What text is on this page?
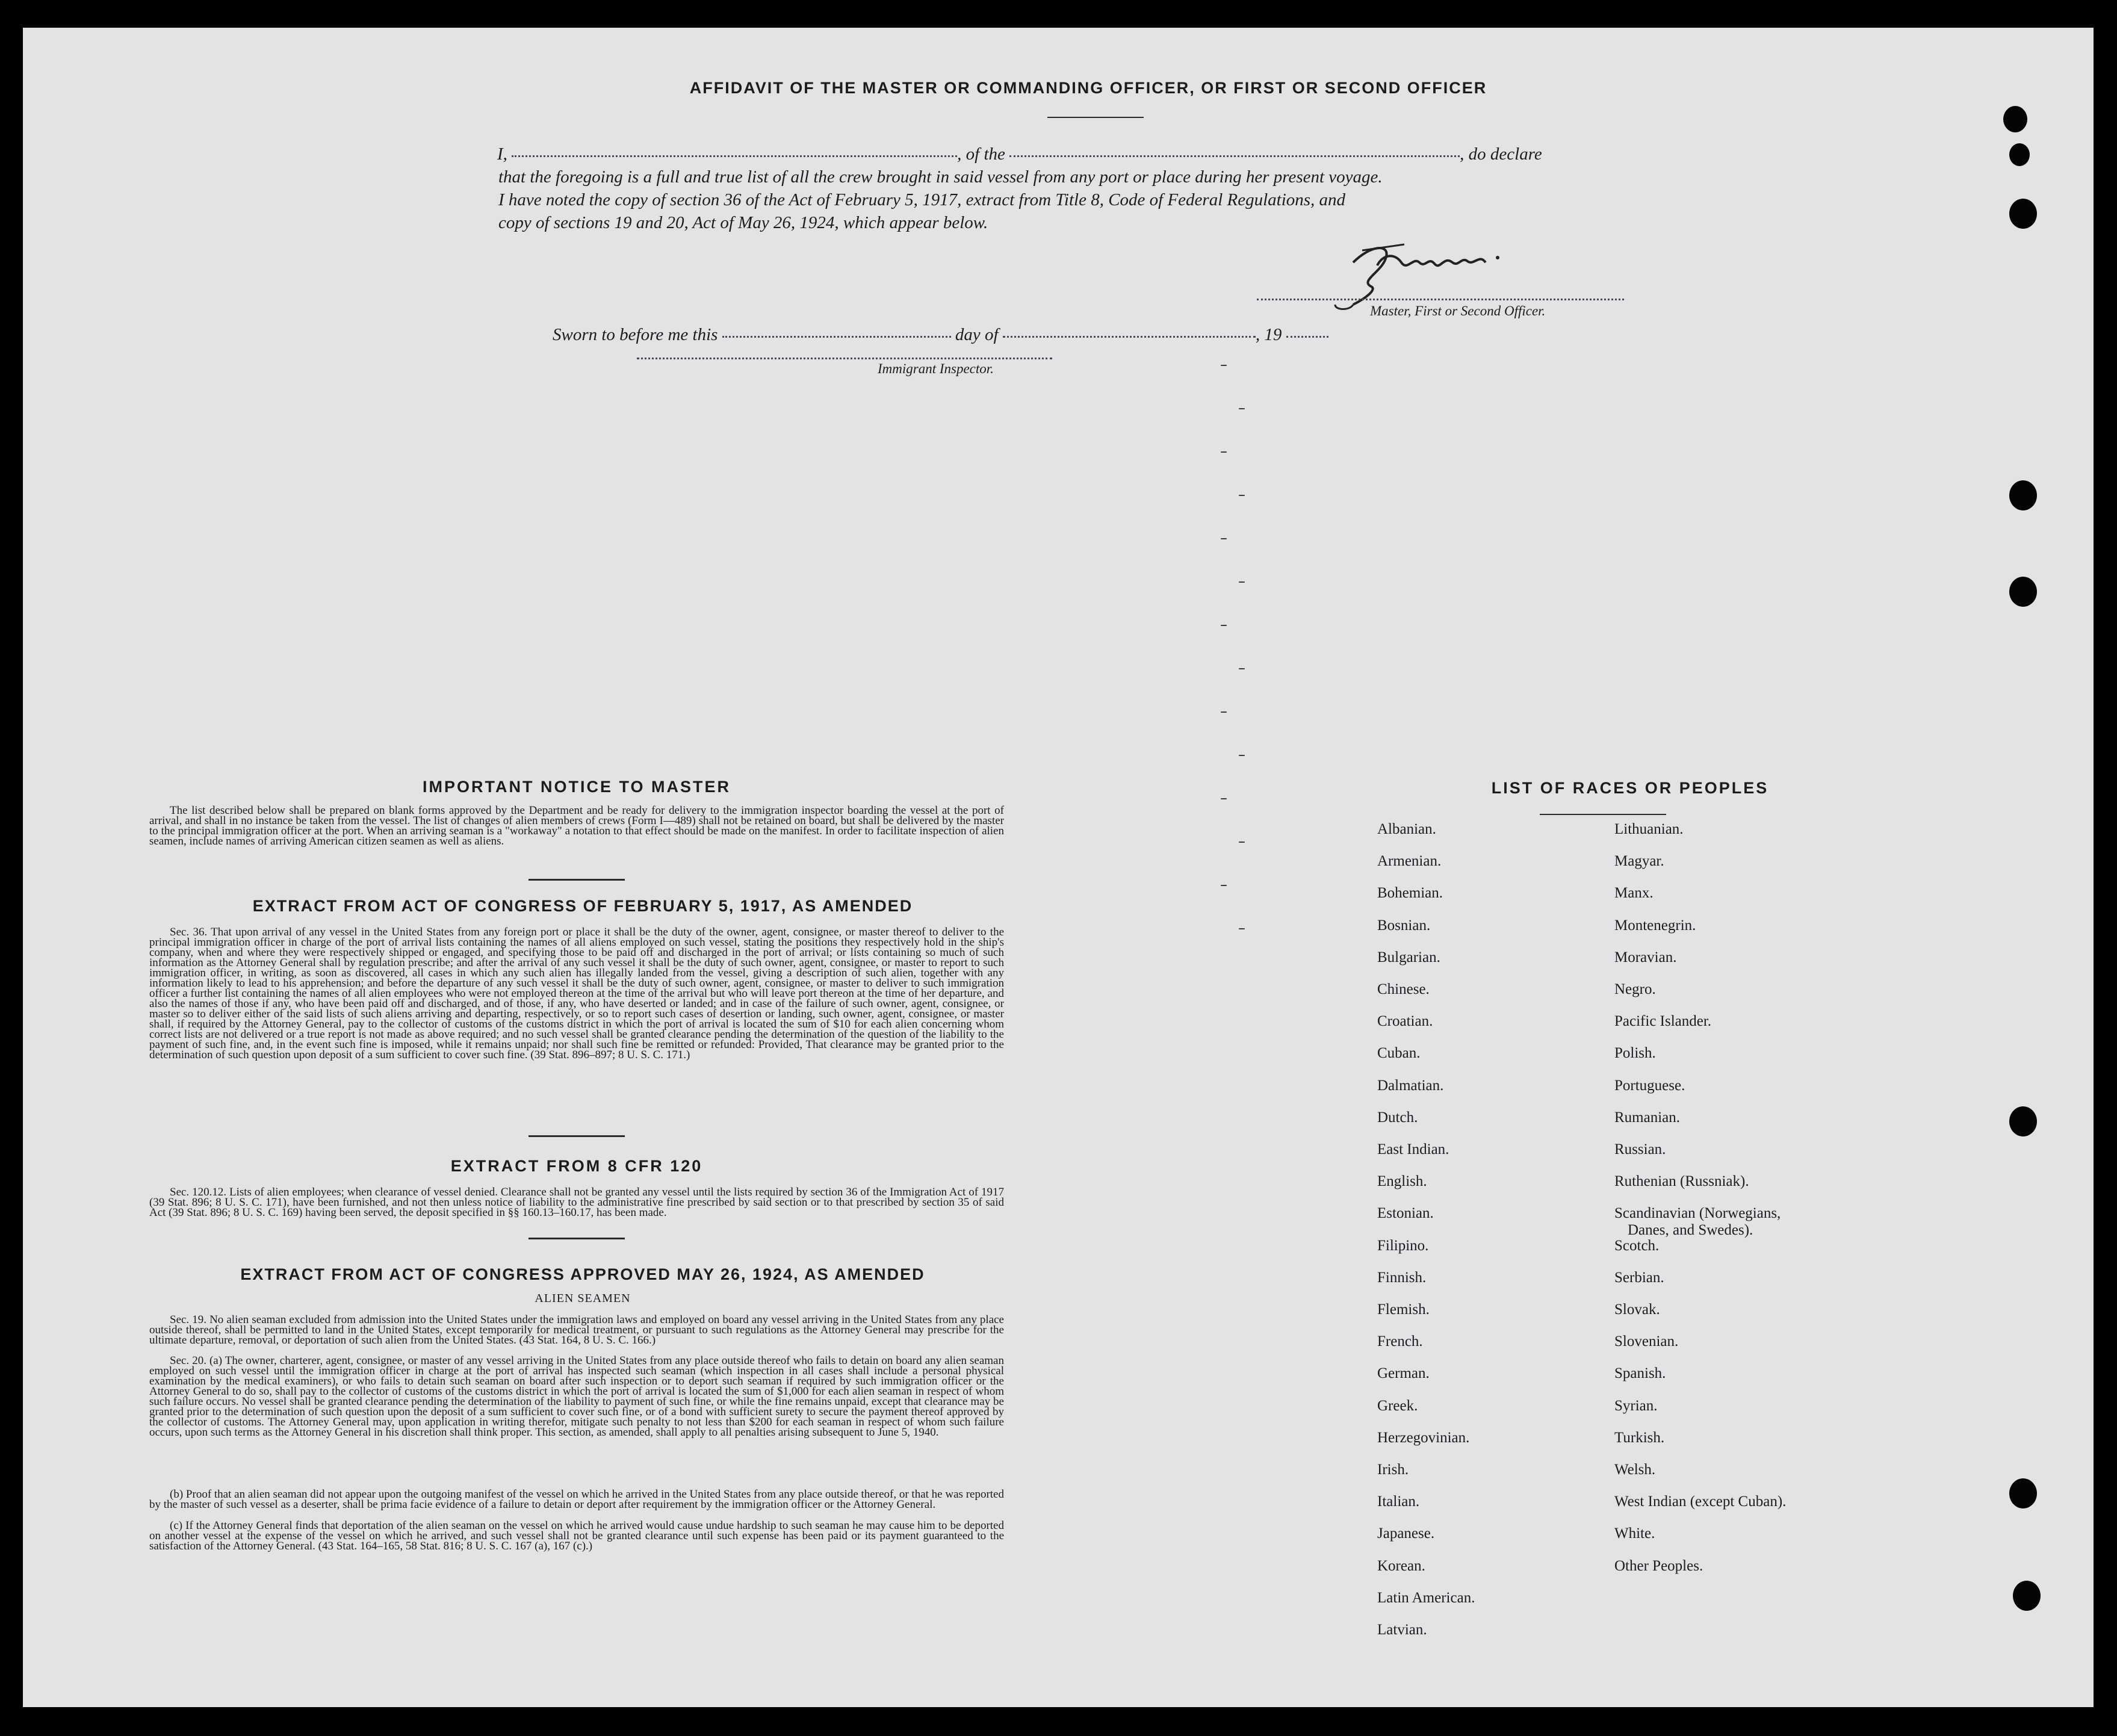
AFFIDAVIT OF THE MASTER OR COMMANDING OFFICER, OR FIRST OR SECOND OFFICER
I,	, of the	, do declare
that the foregoing is a full and true list of all the crew brought in said vessel from any port or place during her present voyage.
I have noted the copy of section 36 of the Act of February 5, 1917, extract from Title 8, Code of Federal Regulations, and
copy of sections 19 and 20, Act of May 26, 1924, which appear below.
Master, First or Second Officer.
Sworn to before me this	day of	, 19
Immigrant Inspector.
IMPORTANT NOTICE TO MASTER

The list described below shall be prepared on blank forms approved by the Department and be ready for delivery to the immigration inspector boarding the vessel at the port of arrival, and shall in no instance be taken from the vessel. The list of changes of alien members of crews (Form I—489) shall not be retained on board, but shall be delivered by the master to the principal immigration officer at the port. When an arriving seaman is a "workaway" a notation to that effect should be made on the manifest. In order to facilitate inspection of alien seamen, include names of arriving American citizen seamen as well as aliens.

EXTRACT FROM ACT OF CONGRESS OF FEBRUARY 5, 1917, AS AMENDED

Sec. 36. That upon arrival of any vessel in the United States from any foreign port or place it shall be the duty of the owner, agent, consignee, or master thereof to deliver to the principal immigration officer in charge of the port of arrival lists containing the names of all aliens employed on such vessel, stating the positions they respectively hold in the ship's company, when and where they were respectively shipped or engaged, and specifying those to be paid off and discharged in the port of arrival; or lists containing so much of such information as the Attorney General shall by regulation prescribe; and after the arrival of any such vessel it shall be the duty of such owner, agent, consignee, or master to report to such immigration officer, in writing, as soon as discovered, all cases in which any such alien has illegally landed from the vessel, giving a description of such alien, together with any information likely to lead to his apprehension; and before the departure of any such vessel it shall be the duty of such owner, agent, consignee, or master to deliver to such immigration officer a further list containing the names of all alien employees who were not employed thereon at the time of the arrival but who will leave port thereon at the time of her departure, and also the names of those if any, who have been paid off and discharged, and of those, if any, who have deserted or landed; and in case of the failure of such owner, agent, consignee, or master so to deliver either of the said lists of such aliens arriving and departing, respectively, or so to report such cases of desertion or landing, such owner, agent, consignee, or master shall, if required by the Attorney General, pay to the collector of customs of the customs district in which the port of arrival is located the sum of $10 for each alien concerning whom correct lists are not delivered or a true report is not made as above required; and no such vessel shall be granted clearance pending the determination of the question of the liability to the payment of such fine, and, in the event such fine is imposed, while it remains unpaid; nor shall such fine be remitted or refunded: Provided, That clearance may be granted prior to the determination of such question upon deposit of a sum sufficient to cover such fine. (39 Stat. 896–897; 8 U. S. C. 171.)

EXTRACT FROM 8 CFR 120

Sec. 120.12. Lists of alien employees; when clearance of vessel denied. Clearance shall not be granted any vessel until the lists required by section 36 of the Immigration Act of 1917 (39 Stat. 896; 8 U. S. C. 171), have been furnished, and not then unless notice of liability to the administrative fine prescribed by said section or to that prescribed by section 35 of said Act (39 Stat. 896; 8 U. S. C. 169) having been served, the deposit specified in §§ 160.13–160.17, has been made.

EXTRACT FROM ACT OF CONGRESS APPROVED MAY 26, 1924, AS AMENDED
ALIEN SEAMEN

Sec. 19. No alien seaman excluded from admission into the United States under the immigration laws and employed on board any vessel arriving in the United States from any place outside thereof, shall be permitted to land in the United States, except temporarily for medical treatment, or pursuant to such regulations as the Attorney General may prescribe for the ultimate departure, removal, or deportation of such alien from the United States. (43 Stat. 164, 8 U. S. C. 166.)

Sec. 20. (a) The owner, charterer, agent, consignee, or master of any vessel arriving in the United States from any place outside thereof who fails to detain on board any alien seaman employed on such vessel until the immigration officer in charge at the port of arrival has inspected such seaman (which inspection in all cases shall include a personal physical examination by the medical examiners), or who fails to detain such seaman on board after such inspection or to deport such seaman if required by such immigration officer or the Attorney General to do so, shall pay to the collector of customs of the customs district in which the port of arrival is located the sum of $1,000 for each alien seaman in respect of whom such failure occurs. No vessel shall be granted clearance pending the determination of the liability to payment of such fine, or while the fine remains unpaid, except that clearance may be granted prior to the determination of such question upon the deposit of a sum sufficient to cover such fine, or of a bond with sufficient surety to secure the payment thereof approved by the collector of customs. The Attorney General may, upon application in writing therefor, mitigate such penalty to not less than $200 for each seaman in respect of whom such failure occurs, upon such terms as the Attorney General in his discretion shall think proper. This section, as amended, shall apply to all penalties arising subsequent to June 5, 1940.

(b) Proof that an alien seaman did not appear upon the outgoing manifest of the vessel on which he arrived in the United States from any place outside thereof, or that he was reported by the master of such vessel as a deserter, shall be prima facie evidence of a failure to detain or deport after requirement by the immigration officer or the Attorney General.

(c) If the Attorney General finds that deportation of the alien seaman on the vessel on which he arrived would cause undue hardship to such seaman he may cause him to be deported on another vessel at the expense of the vessel on which he arrived, and such vessel shall not be granted clearance until such expense has been paid or its payment guaranteed to the satisfaction of the Attorney General. (43 Stat. 164–165, 58 Stat. 816; 8 U. S. C. 167 (a), 167 (c).)

LIST OF RACES OR PEOPLES
Albanian.
Armenian.
Bohemian.
Bosnian.
Bulgarian.
Chinese.
Croatian.
Cuban.
Dalmatian.
Dutch.
East Indian.
English.
Estonian.
Filipino.
Finnish.
Flemish.
French.
German.
Greek.
Herzegovinian.
Irish.
Italian.
Japanese.
Korean.
Latin American.
Latvian.
Lithuanian.
Magyar.
Manx.
Montenegrin.
Moravian.
Negro.
Pacific Islander.
Polish.
Portuguese.
Rumanian.
Russian.
Ruthenian (Russniak).
Scandinavian (Norwegians,
Danes, and Swedes).
Scotch.
Serbian.
Slovak.
Slovenian.
Spanish.
Syrian.
Turkish.
Welsh.
West Indian (except Cuban).
White.
Other Peoples.
